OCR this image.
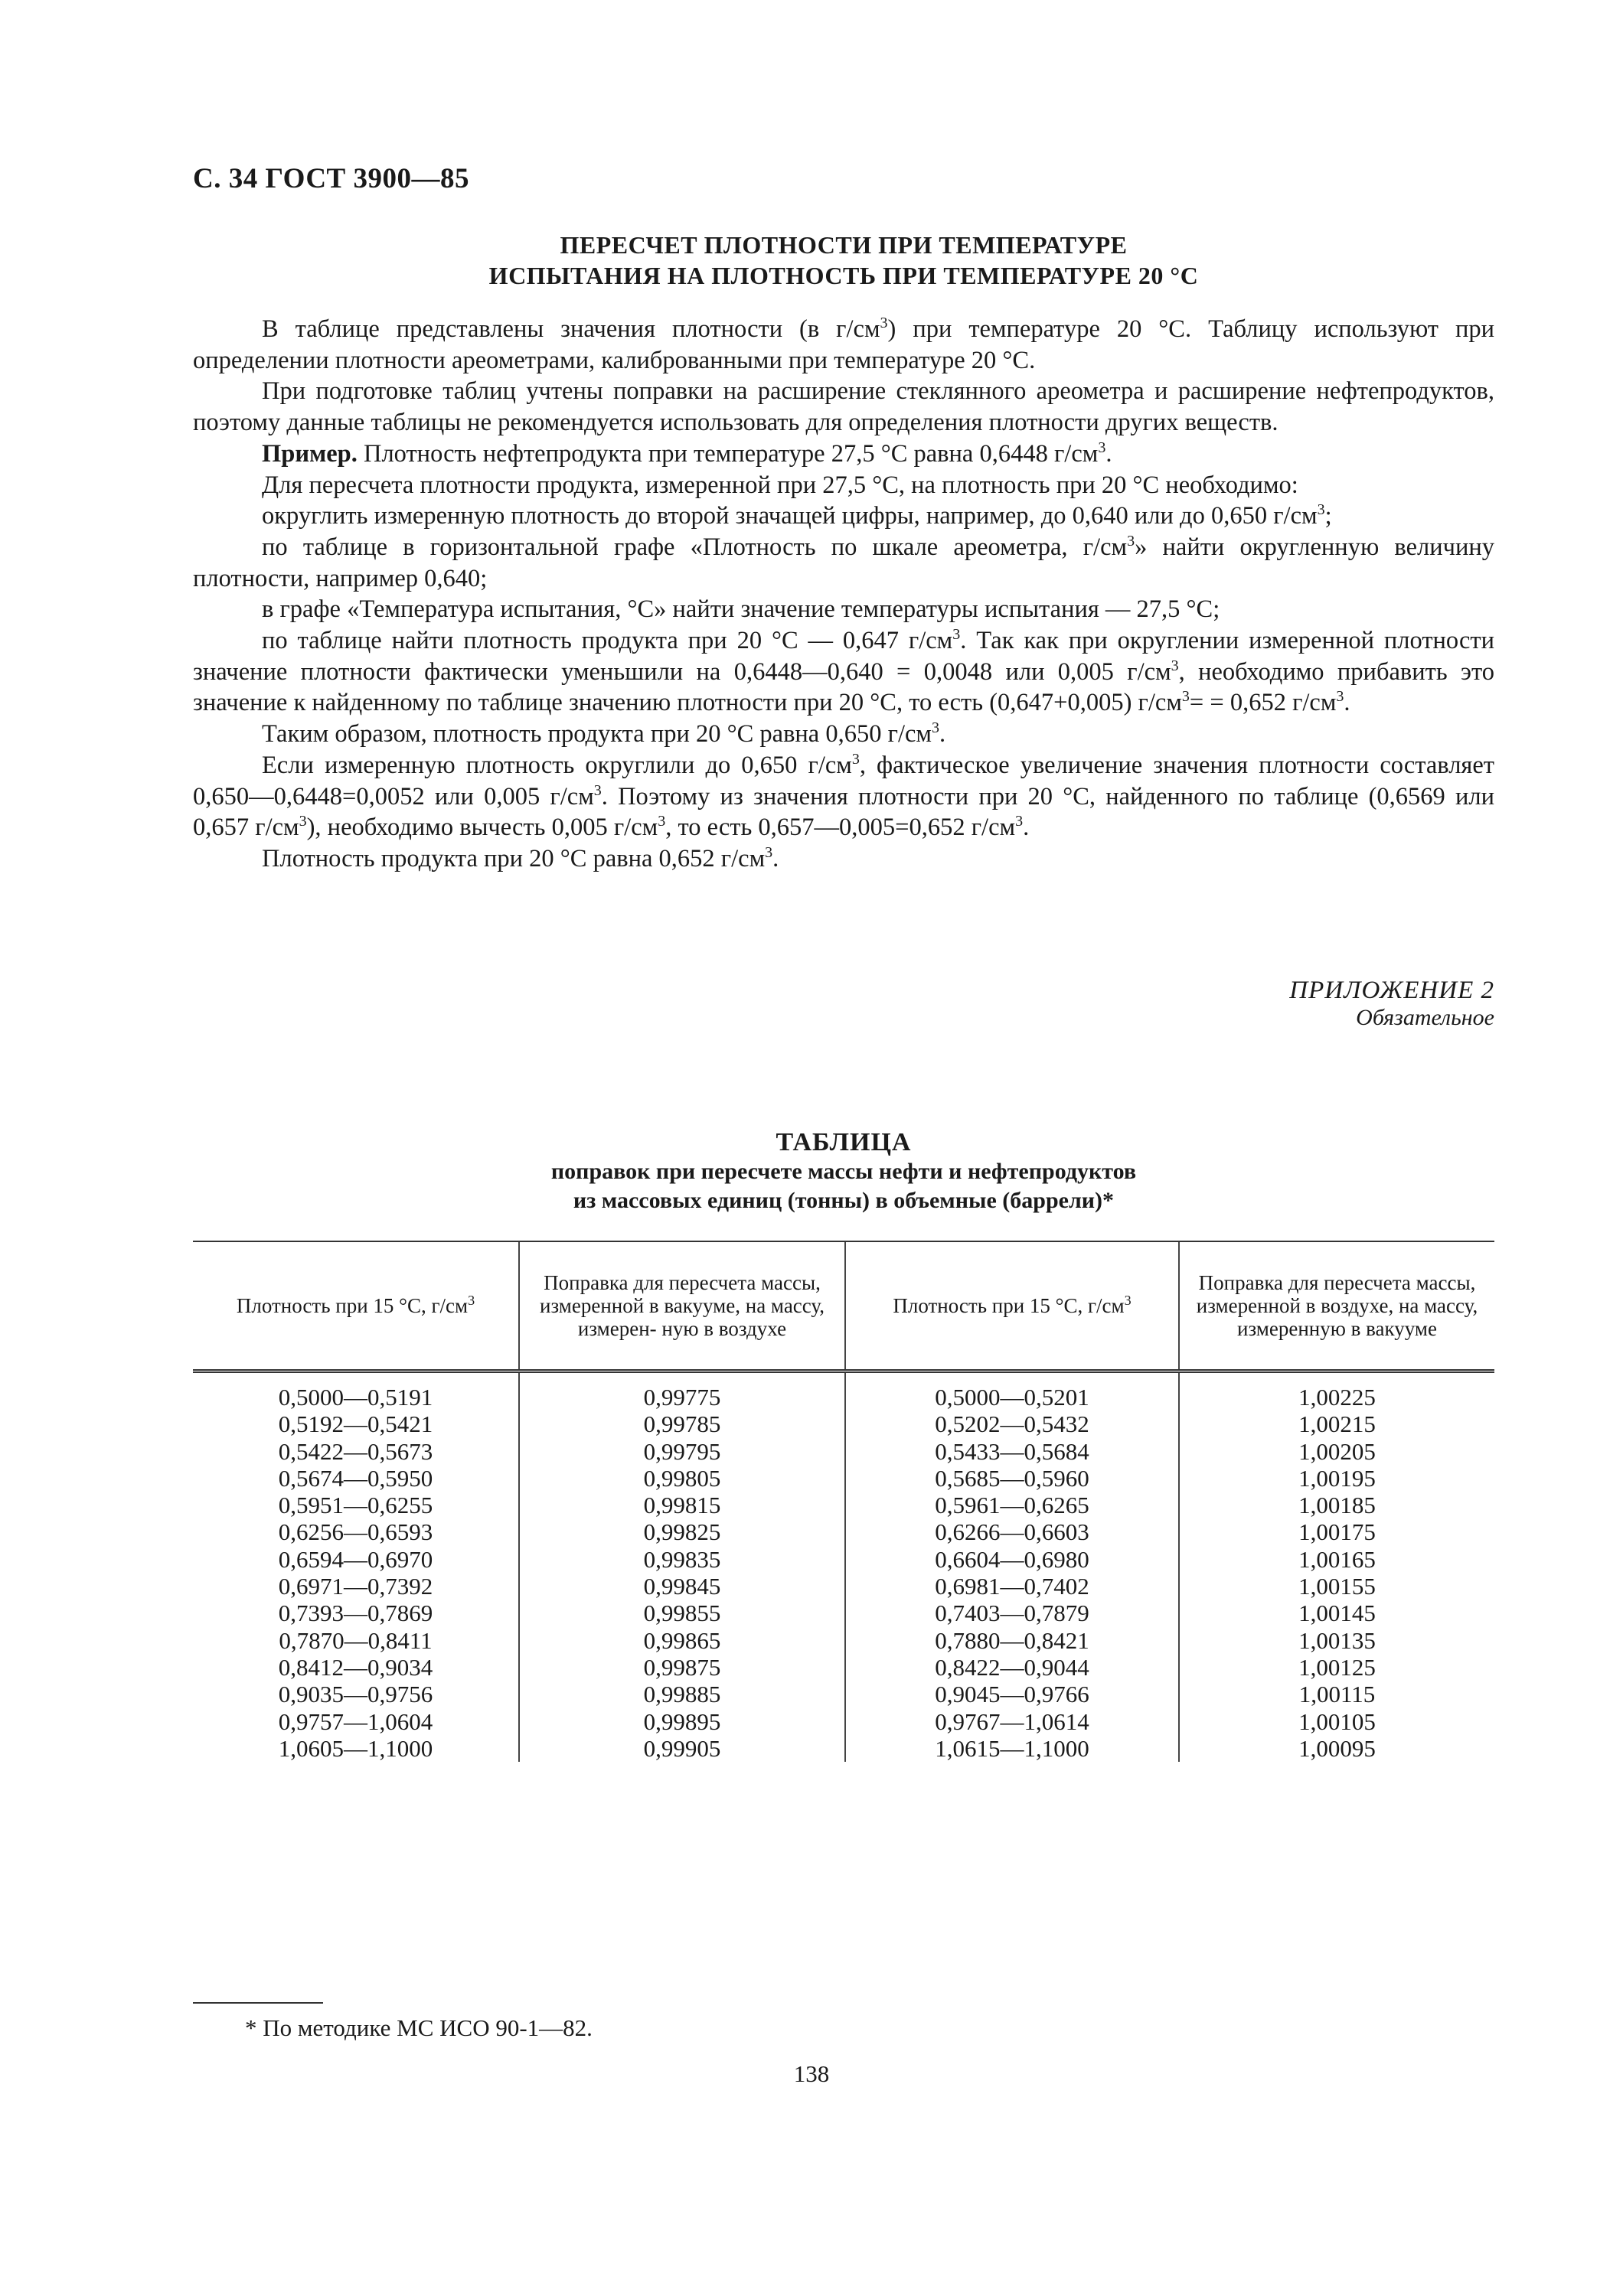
С. 34 ГОСТ 3900—85
ПЕРЕСЧЕТ ПЛОТНОСТИ ПРИ ТЕМПЕРАТУРЕ
ИСПЫТАНИЯ НА ПЛОТНОСТЬ ПРИ ТЕМПЕРАТУРЕ 20 °С

В таблице представлены значения плотности (в $г/см^3$) при температуре 20 °С. Таблицу используют при определении плотности ареометрами, калиброванными при температуре 20 °С.

При подготовке таблиц учтены поправки на расширение стеклянного ареометра и расширение нефтепродуктов, поэтому данные таблицы не рекомендуется использовать для определения плотности других веществ.

Пример. Плотность нефтепродукта при температуре 27,5 °С равна 0,6448 $г/см^3$.

Для пересчета плотности продукта, измеренной при 27,5 °С, на плотность при 20 °С необходимо:

округлить измеренную плотность до второй значащей цифры, например, до 0,640 или до 0,650 $г/см^3$;

по таблице в горизонтальной графе «Плотность по шкале ареометра, $г/см^3$» найти округленную величину плотности, например 0,640;

в графе «Температура испытания, °С» найти значение температуры испытания — 27,5 °С;

по таблице найти плотность продукта при 20 °С — 0,647 $г/см^3$. Так как при округлении измеренной плотности значение плотности фактически уменьшили на 0,6448—0,640 = 0,0048 или 0,005 $г/см^3$, необходимо прибавить это значение к найденному по таблице значению плотности при 20 °С, то есть (0,647+0,005) $г/см^3= = 0,652$ $г/см^3$.

Таким образом, плотность продукта при 20 °С равна 0,650 $г/см^3$.

Если измеренную плотность округлили до 0,650 $г/см^3$, фактическое увеличение значения плотности составляет 0,650—0,6448=0,0052 или 0,005 $г/см^3$. Поэтому из значения плотности при 20 °С, найденного по таблице (0,6569 или 0,657 $г/см^3$), необходимо вычесть 0,005 $г/см^3$, то есть 0,657—0,005=0,652 $г/см^3$.

Плотность продукта при 20 °С равна 0,652 $г/см^3$.

ПРИЛОЖЕНИЕ 2
Обязательное
ТАБЛИЦА
поправок при пересчете массы нефти и нефтепродуктов
из массовых единиц (тонны) в объемные (баррели)*
Плотность при 15 °С, $г/см^3$	Поправка для пересчета массы, измеренной в вакууме, на массу, измерен- ную в воздухе	Плотность при 15 °С, $г/см^3$	Поправка для пересчета массы, измеренной в воздухе, на массу, измеренную в вакууме
0,5000—0,5191	0,99775	0,5000—0,5201	1,00225
0,5192—0,5421	0,99785	0,5202—0,5432	1,00215
0,5422—0,5673	0,99795	0,5433—0,5684	1,00205
0,5674—0,5950	0,99805	0,5685—0,5960	1,00195
0,5951—0,6255	0,99815	0,5961—0,6265	1,00185
0,6256—0,6593	0,99825	0,6266—0,6603	1,00175
0,6594—0,6970	0,99835	0,6604—0,6980	1,00165
0,6971—0,7392	0,99845	0,6981—0,7402	1,00155
0,7393—0,7869	0,99855	0,7403—0,7879	1,00145
0,7870—0,8411	0,99865	0,7880—0,8421	1,00135
0,8412—0,9034	0,99875	0,8422—0,9044	1,00125
0,9035—0,9756	0,99885	0,9045—0,9766	1,00115
0,9757—1,0604	0,99895	0,9767—1,0614	1,00105
1,0605—1,1000	0,99905	1,0615—1,1000	1,00095
* По методике МС ИСО 90-1—82.
138
